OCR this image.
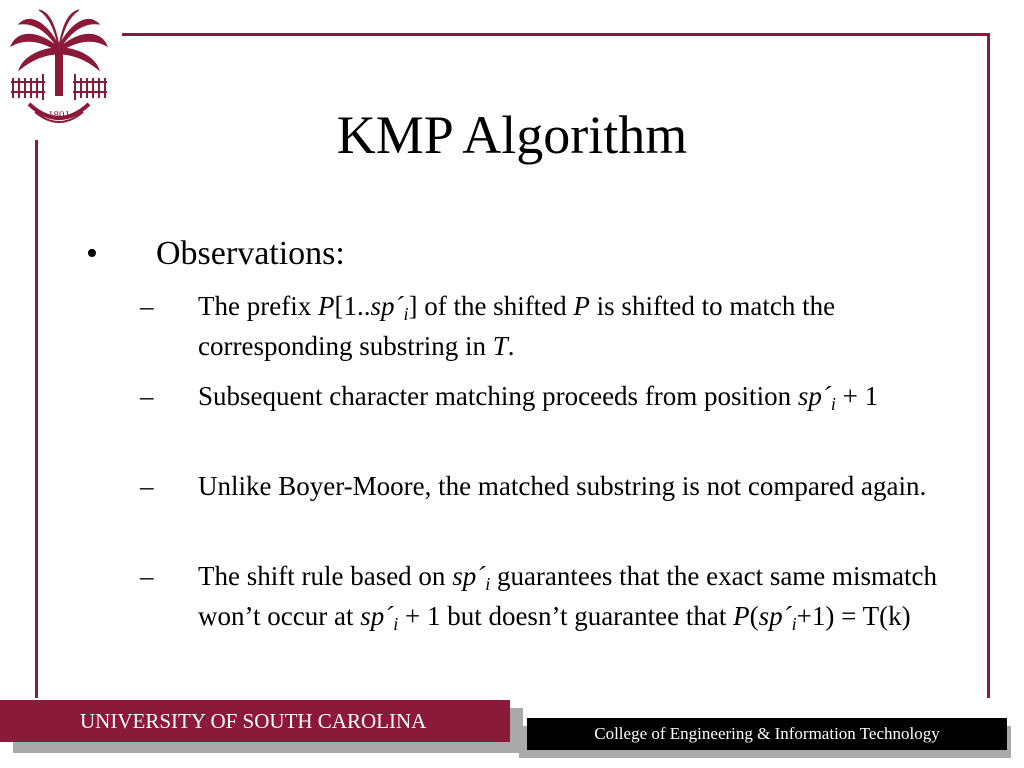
1801	KMP Algorithm
• Observations:
– The prefix $P[1..sp´_i]$ of the shifted P is shifted to match the corresponding substring in T.
– Subsequent character matching proceeds from position $sp´_i + 1$
– Unlike Boyer-Moore, the matched substring is not compared again.
– The shift rule based on $sp´_i$ guarantees that the exact same mismatch won’t occur at $sp´_i + 1$ but doesn’t guarantee that $P(sp´_i+1) = T(k)$
UNIVERSITY OF SOUTH CAROLINA
College of Engineering & Information Technology
